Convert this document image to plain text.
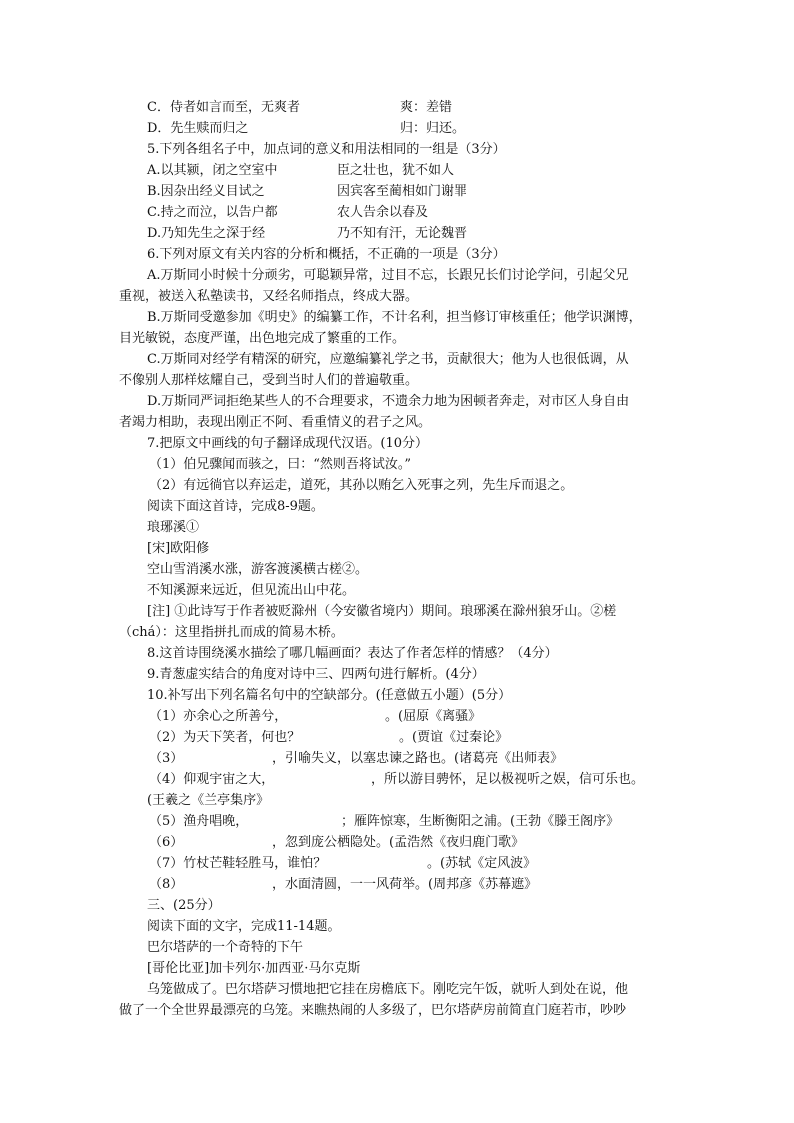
C．侍者如言而至，无爽者	爽：差错
D．先生赎而归之	归：归还。
5.下列各组名子中，加点词的意义和用法相同的一组是（3分）
A.以其颍，闭之空室中	臣之壮也，犹不如人
B.因杂出经义目试之	因宾客至蔺相如门谢罪
C.持之而泣，以告户都	农人告余以春及
D.乃知先生之深于经	乃不知有汗，无论魏晋
6.下列对原文有关内容的分析和概括，不正确的一项是（3分）
A.万斯同小时候十分顽劣，可聪颖异常，过目不忘，长跟兄长们讨论学问，引起父兄
重视，被送入私塾读书，又经名师指点，终成大器。
B.万斯同受邀参加《明史》的编纂工作，不计名利，担当修订审核重任；他学识渊博，
目光敏锐，态度严谨，出色地完成了繁重的工作。
C.万斯同对经学有精深的研究，应邀编纂礼学之书，贡献很大；他为人也很低调，从
不像别人那样炫耀自己，受到当时人们的普遍敬重。
D.万斯同严词拒绝某些人的不合理要求，不遗余力地为困顿者奔走，对市区人身自由
者竭力相助，表现出刚正不阿、看重情义的君子之风。
7.把原文中画线的句子翻译成现代汉语。(10分）
（1）伯兄骤闻而骇之，曰：“然则吾将试汝。”
（2）有远徜官以弃运走，道死，其孙以贿乞入死事之列，先生斥而退之。
阅读下面这首诗，完成8-9题。
琅琊溪①
[宋]欧阳修
空山雪消溪水涨，游客渡溪横古槎②。
不知溪源来远近，但见流出山中花。
[注] ①此诗写于作者被贬滁州（今安徽省境内）期间。琅琊溪在滁州狼牙山。②槎
（chá）：这里指拼扎而成的简易木桥。
8.这首诗围绕溪水描绘了哪几幅画面？表达了作者怎样的情感？（4分）
9.青葱虚实结合的角度对诗中三、四两句进行解析。(4分）
10.补写出下列名篇名句中的空缺部分。(任意做五小题）(5分）
（1）亦余心之所善兮，	。(屈原《离骚》
（2）为天下笑者，何也？	。(贾谊《过秦论》
（3）	，引喻失义，以塞忠谏之路也。(诸葛亮《出师表》
（4）仰观宇宙之大，	，所以游目骋怀，足以极视听之娱，信可乐也。
(王羲之《兰亭集序》
（5）渔舟唱晚，	；雁阵惊寒，生断衡阳之浦。(王勃《滕王阁序》
（6）	，忽到庞公栖隐处。(孟浩然《夜归鹿门歌》
（7）竹杖芒鞋轻胜马，谁怕？	。(苏轼《定风波》
（8）	，水面清圆，一一风荷举。(周邦彦《苏幕遮》
三、(25分）
阅读下面的文字，完成11-14题。
巴尔塔萨的一个奇特的下午
[哥伦比亚]加卡列尔·加西亚·马尔克斯
乌笼做成了。巴尔塔萨习惯地把它挂在房檐底下。刚吃完午饭，就听人到处在说，他
做了一个全世界最漂亮的乌笼。来瞧热闹的人多级了，巴尔塔萨房前简直门庭若市，吵吵
